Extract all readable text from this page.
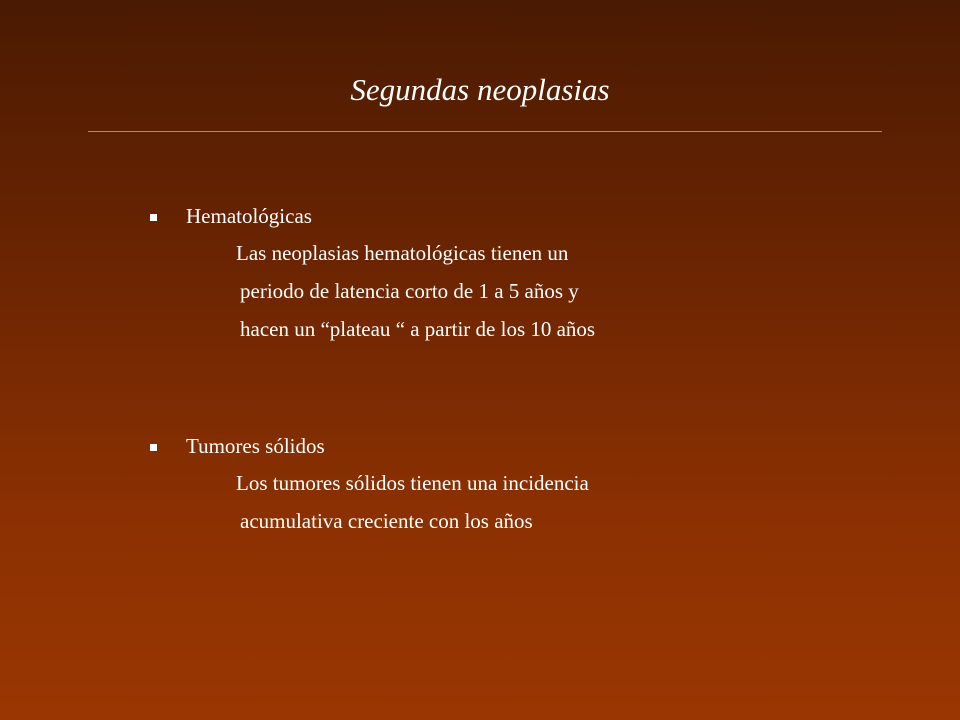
Segundas neoplasias
Hematológicas
Las neoplasias hematológicas tienen un
periodo de latencia corto de 1 a 5 años y
hacen un “plateau “ a partir de los 10 años
Tumores sólidos
Los tumores sólidos tienen una incidencia
acumulativa creciente con los años
